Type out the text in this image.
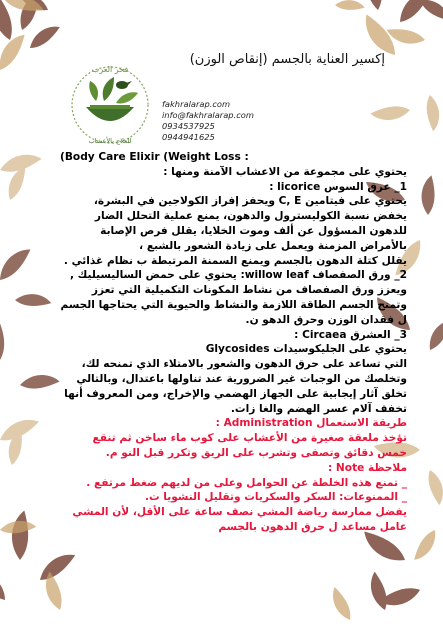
فخر العرب
للعلاج بالأعشاب
إكسير العناية بالجسم (إنقاص الوزن)
fakhralarap.com
info@fakhralarap.com
0934537925
0944941625

(Body Care Elixir (Weight Loss :

يحتوي على مجموعة من الاعشاب الآمنة ومنها :

1_ عرق السوس licorice :

يحتوي على فيتامين C, E ويحفز إفراز الكولاجين في البشرة، يخفض نسبة الكوليسترول والدهون، يمنع عملية التحلل الضار للدهون المسؤول عن ألف وموت الخلايا، يقلل فرص الإصابة بالأمراض المزمنة ويعمل على زيادة الشعور بالشبع ،

يقلل كتلة الدهون بالجسم ويمنع السمنة المرتبطة ب نظام غذائي .

2_ ورق الصفصاف willow leaf: يحتوي على حمض الساليسيليك , ويعزز ورق الصفصاف من نشاط المكونات التكميلية التي تعزز وتمنح الجسم الطاقة اللازمة والنشاط والحيوية التي يحتاجها الجسم ل فقدان الوزن وحرق الدهو ن.

3_ العشرق Circaea :

يحتوي على الجليكوسيدات Glycosides

التي تساعد على حرق الدهون والشعور بالامتلاء الذي تمنحه لك، وتخلصك من الوجبات غير الضرورية عند تناولها باعتدال، وبالتالي تخلق آثار إيجابية على الجهاز الهضمي والإخراج، ومن المعروف أنها تخفف آلام عسر الهضم والغا زات.

طريقة الاستعمال Administration :

تؤخذ ملعقة صغيرة من الأعشاب على كوب ماء ساخن ثم تنقع خمس دقائق وتصفى وتشرب على الريق وتكرر قبل النو م.

ملاحظة Note :

_ تمنع هذه الخلطة عن الحوامل وعلى من لديهم ضغط مرتفع .

_ الممنوعات: السكر والسكريات وتقليل النشويا ت.

يفضل ممارسة رياضة المشي نصف ساعة على الأقل، لأن المشي عامل مساعد ل حرق الدهون بالجسم
